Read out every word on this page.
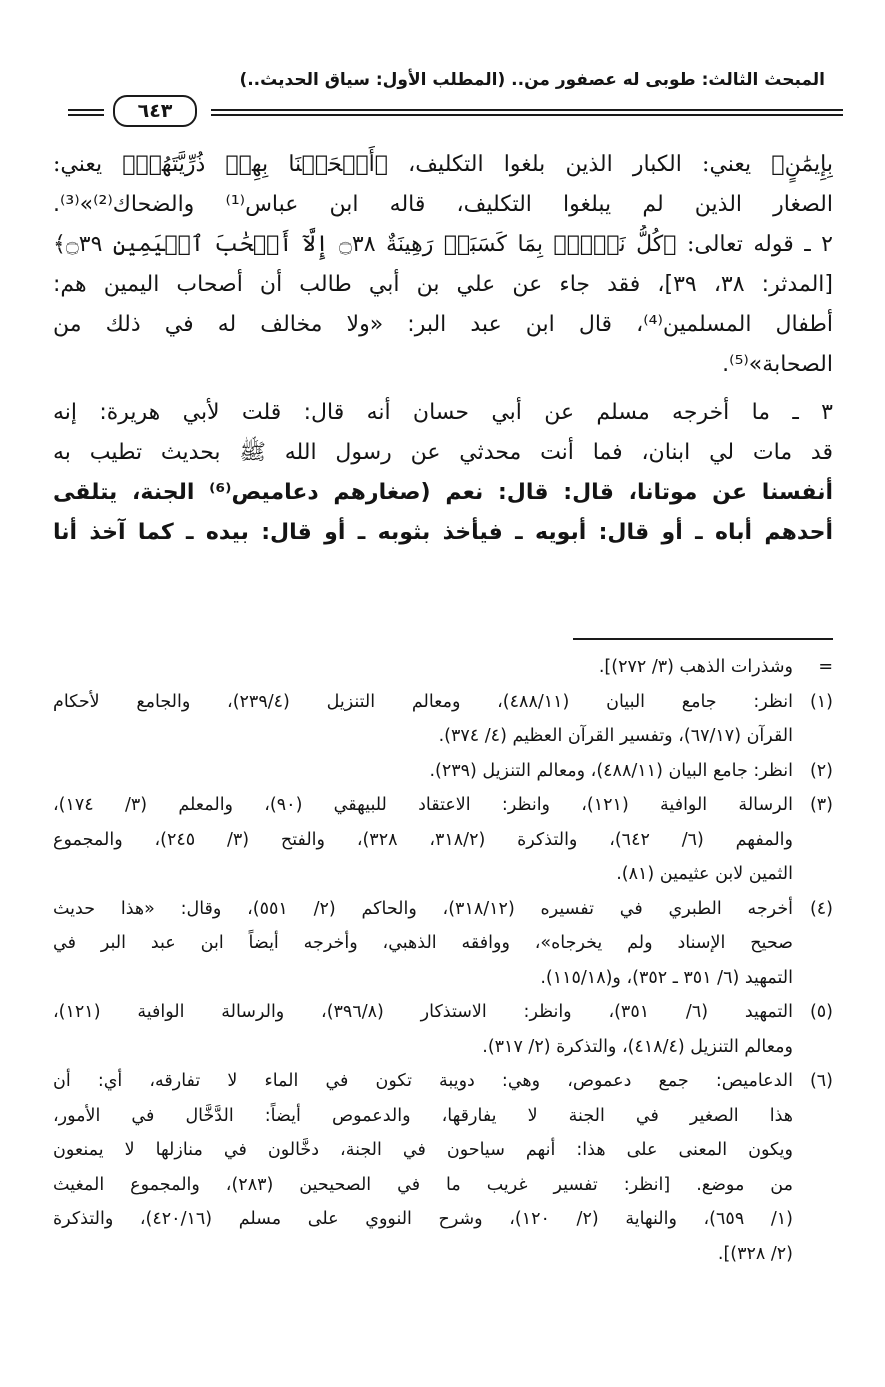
المبحث الثالث: طوبى له عصفور من.. (المطلب الأول: سياق الحديث..)
٦٤٣
بِإِيمَٰنٍ﴾ يعني: الكبار الذين بلغوا التكليف، ﴿أَلۡحَقۡنَا بِهِمۡ ذُرِّيَّتَهُمۡ﴾ يعني:
الصغار الذين لم يبلغوا التكليف، قاله ابن عباس⁽¹⁾ والضحاك⁽²⁾»⁽³⁾.
٢ ـ قوله تعالى: ﴿كُلُّ نَفۡسِۭ بِمَا كَسَبَتۡ رَهِينَةٌ ۝٣٨ إِلَّآ أَصۡحَٰبَ ٱلۡيَمِينِ ۝٣٩﴾
[المدثر: ٣٨، ٣٩]، فقد جاء عن علي بن أبي طالب أن أصحاب اليمين هم:
أطفال المسلمين⁽⁴⁾، قال ابن عبد البر: «ولا مخالف له في ذلك من
الصحابة»⁽⁵⁾.
٣ ـ ما أخرجه مسلم عن أبي حسان أنه قال: قلت لأبي هريرة: إنه
قد مات لي ابنان، فما أنت محدثي عن رسول الله ﷺ بحديث تطيب به
أنفسنا عن موتانا، قال: قال: نعم (صغارهم دعاميص⁽⁶⁾ الجنة، يتلقى
أحدهم أباه ـ أو قال: أبويه ـ فيأخذ بثوبه ـ أو قال: بيده ـ كما آخذ أنا
=
وشذرات الذهب (٣/ ٢٧٢)].
(١)
انظر: جامع البيان (٤٨٨/١١)، ومعالم التنزيل (٢٣٩/٤)، والجامع لأحكام
القرآن (٦٧/١٧)، وتفسير القرآن العظيم (٤/ ٣٧٤).
(٢)
انظر: جامع البيان (٤٨٨/١١)، ومعالم التنزيل (٢٣٩).
(٣)
الرسالة الوافية (١٢١)، وانظر: الاعتقاد للبيهقي (٩٠)، والمعلم (٣/ ١٧٤)،
والمفهم (٦/ ٦٤٢)، والتذكرة (٣١٨/٢، ٣٢٨)، والفتح (٣/ ٢٤٥)، والمجموع
الثمين لابن عثيمين (٨١).
(٤)
أخرجه الطبري في تفسيره (٣١٨/١٢)، والحاكم (٢/ ٥٥١)، وقال: «هذا حديث
صحيح الإسناد ولم يخرجاه»، ووافقه الذهبي، وأخرجه أيضاً ابن عبد البر في
التمهيد (٦/ ٣٥١ ـ ٣٥٢)، و(١١٥/١٨).
(٥)
التمهيد (٦/ ٣٥١)، وانظر: الاستذكار (٣٩٦/٨)، والرسالة الوافية (١٢١)،
ومعالم التنزيل (٤١٨/٤)، والتذكرة (٢/ ٣١٧).
(٦)
الدعاميص: جمع دعموص، وهي: دويبة تكون في الماء لا تفارقه، أي: أن
هذا الصغير في الجنة لا يفارقها، والدعموص أيضاً: الدَّخَّال في الأمور،
ويكون المعنى على هذا: أنهم سياحون في الجنة، دخَّالون في منازلها لا يمنعون
من موضع. [انظر: تفسير غريب ما في الصحيحين (٢٨٣)، والمجموع المغيث
(١/ ٦٥٩)، والنهاية (٢/ ١٢٠)، وشرح النووي على مسلم (٤٢٠/١٦)، والتذكرة
(٢/ ٣٢٨)].
